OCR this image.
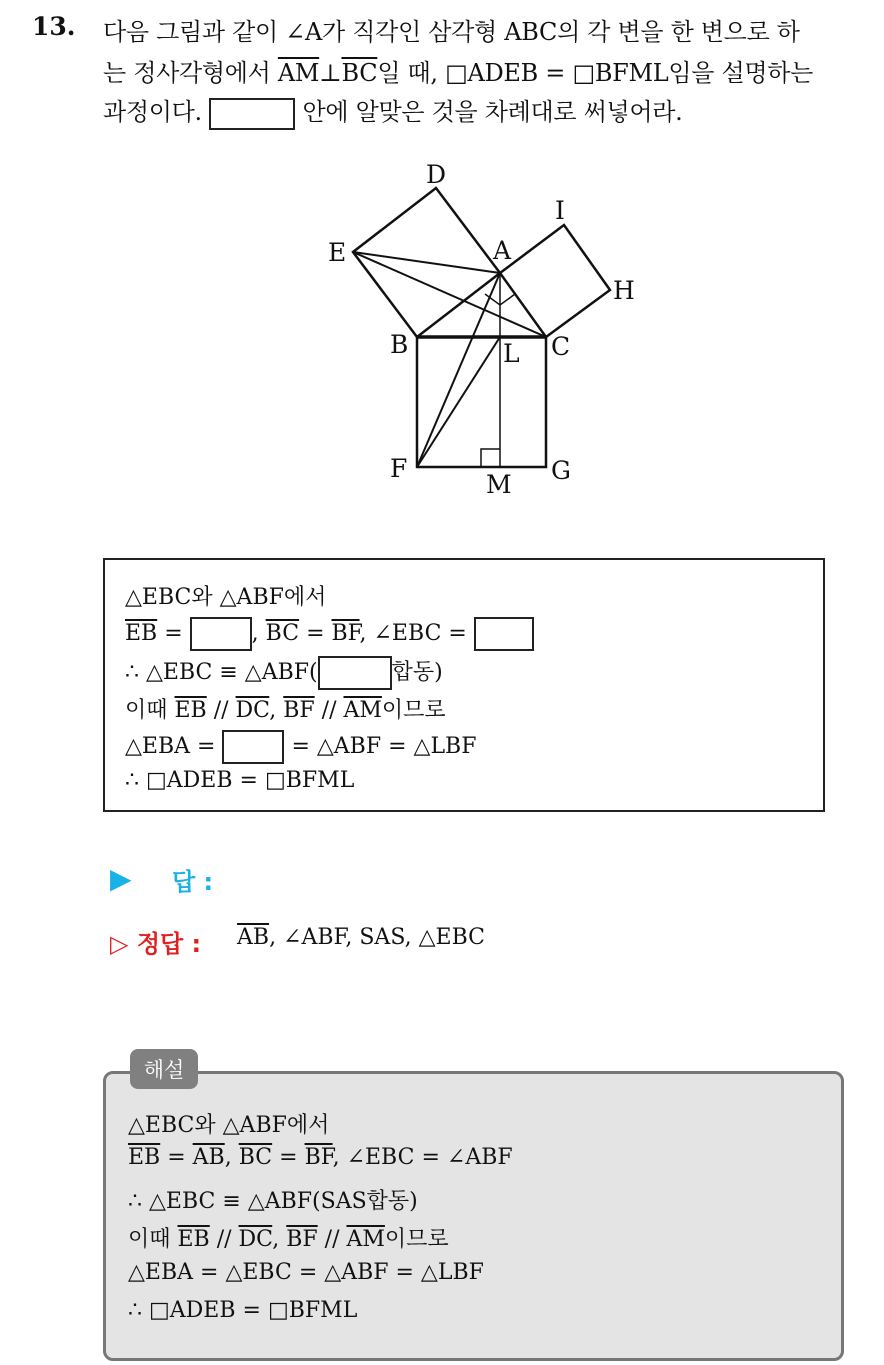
13. 다음 그림과 같이 ∠A가 직각인 삼각형 ABC의 각 변을 한 변으로 하
는 정사각형에서 $\overline{AM}\perp\overline{BC}$일 때, □ADEB = □BFML임을 설명하는
과정이다.	안에 알맞은 것을 차례대로 써넣어라.
D
I
E	A
H
B	L C
F
M G
△EBC와 △ABF에서
$\overline{EB}$ =	, $\overline{BC} = \overline{BF}$, ∠EBC =
∴ △EBC ≡ △ABF(	합동)
이때 $\overline{EB} // \overline{DC}$, $\overline{BF} // \overline{AM}$이므로
△EBA =	= △ABF = △LBF
∴ □ADEB = □BFML
▶ 답 :
▷ 정답 : $\overline{AB}$, ∠ABF, SAS, △EBC
△EBC와 △ABF에서
$\overline{EB} = \overline{AB}$, $\overline{BC} = \overline{BF}$, ∠EBC = ∠ABF
∴ △EBC ≡ △ABF(SAS합동)
이때 $\overline{EB} // \overline{DC}$, $\overline{BF} // \overline{AM}$이므로
△EBA = △EBC = △ABF = △LBF
∴ □ADEB = □BFML
해설
